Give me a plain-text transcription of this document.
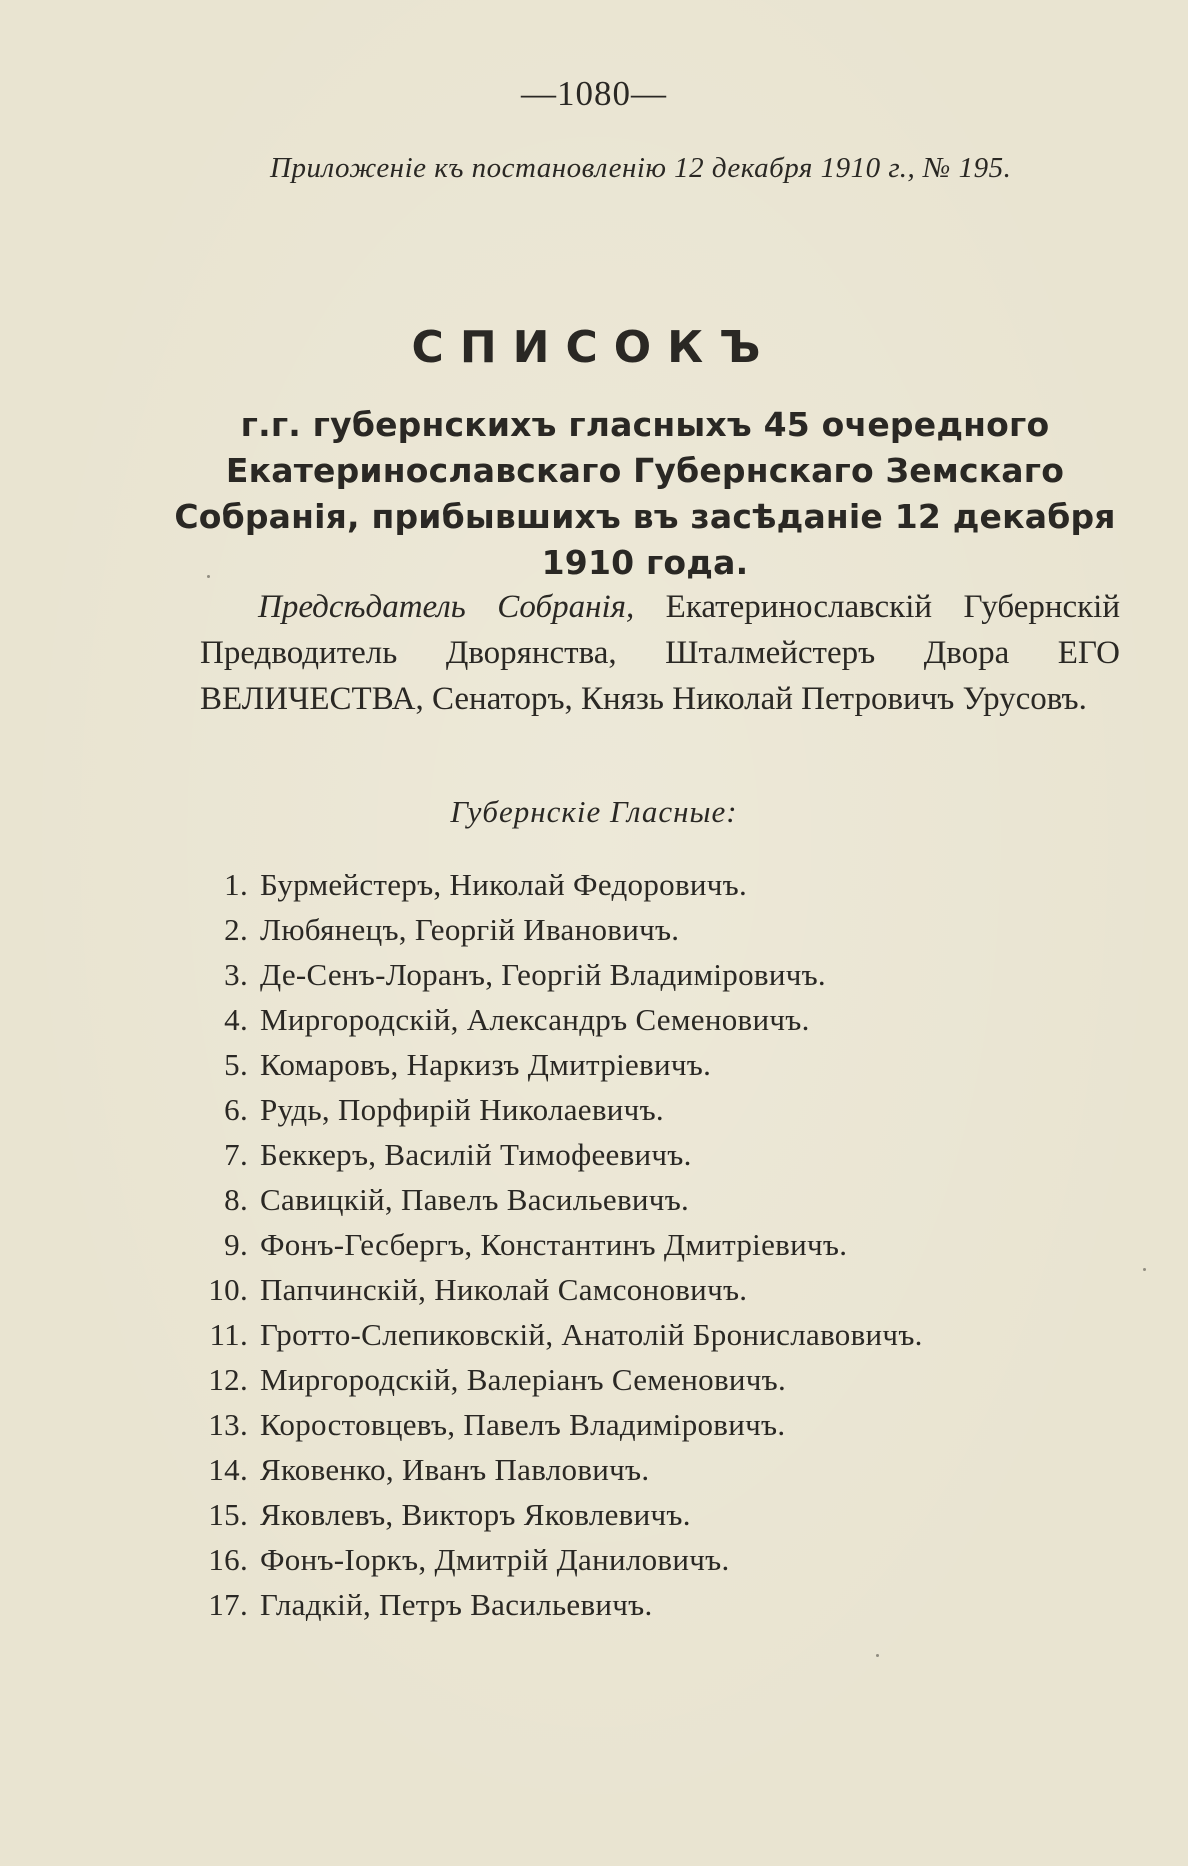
—1080—
Приложеніе къ постановленію 12 декабря 1910 г., № 195.
СПИСОКЪ
г.г. губернскихъ гласныхъ 45 очередного Екатеринославскаго Губернскаго Земскаго Собранія, прибывшихъ въ засѣданіе 12 декабря 1910 года.
Предсѣдатель Собранія, Екатеринославскій Губернскій Предводитель Дворянства, Шталмейстеръ Двора ЕГО ВЕЛИЧЕСТВА, Сенаторъ, Князь Николай Петровичъ Урусовъ.
Губернскіе Гласные:
1. Бурмейстеръ, Николай Федоровичъ.
2. Любянецъ, Георгій Ивановичъ.
3. Де-Сенъ-Лоранъ, Георгій Владиміровичъ.
4. Миргородскій, Александръ Семеновичъ.
5. Комаровъ, Наркизъ Дмитріевичъ.
6. Рудь, Порфирій Николаевичъ.
7. Беккеръ, Василій Тимофеевичъ.
8. Савицкій, Павелъ Васильевичъ.
9. Фонъ-Гесбергъ, Константинъ Дмитріевичъ.
10. Папчинскій, Николай Самсоновичъ.
11. Гротто-Слепиковскій, Анатолій Брониславовичъ.
12. Миргородскій, Валеріанъ Семеновичъ.
13. Коростовцевъ, Павелъ Владиміровичъ.
14. Яковенко, Иванъ Павловичъ.
15. Яковлевъ, Викторъ Яковлевичъ.
16. Фонъ-Іоркъ, Дмитрій Даниловичъ.
17. Гладкій, Петръ Васильевичъ.
